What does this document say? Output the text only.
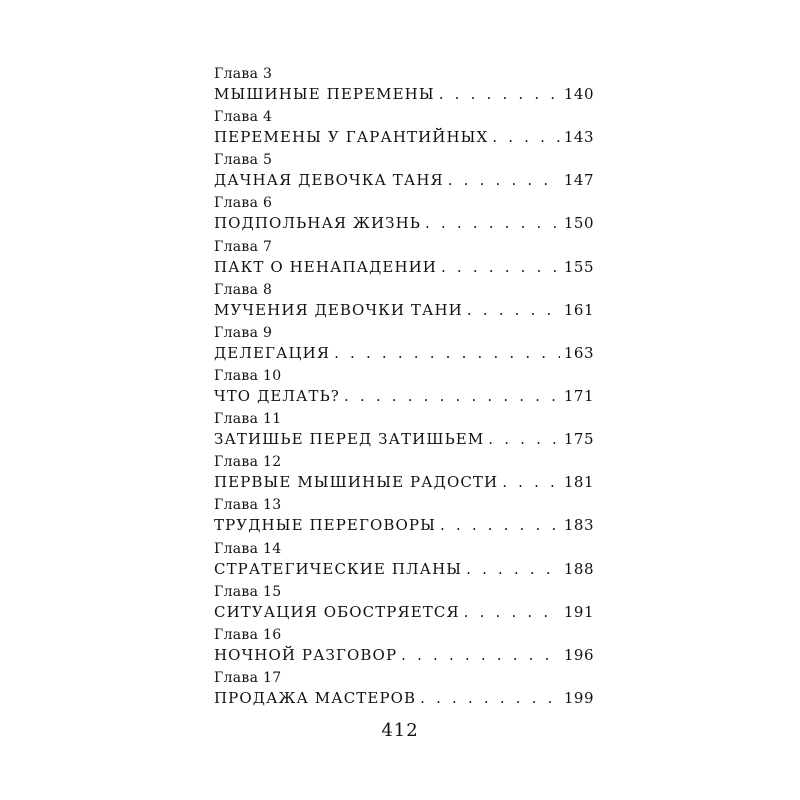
Глава 3
МЫШИНЫЕ ПЕРЕМЕНЫ . . .	140
Глава 4
ПЕРЕМЕНЫ У ГАРАНТИЙНЫХ . . .	143
Глава 5
ДАЧНАЯ ДЕВОЧКА ТАНЯ . . .	147
Глава 6
ПОДПОЛЬНАЯ ЖИЗНЬ . . .	150
Глава 7
ПАКТ О НЕНАПАДЕНИИ . . .	155
Глава 8
МУЧЕНИЯ ДЕВОЧКИ ТАНИ . . .	161
Глава 9
ДЕЛЕГАЦИЯ . . .	163
Глава 10
ЧТО ДЕЛАТЬ? . . .	171
Глава 11
ЗАТИШЬЕ ПЕРЕД ЗАТИШЬЕМ . . .	175
Глава 12
ПЕРВЫЕ МЫШИНЫЕ РАДОСТИ . . .	181
Глава 13
ТРУДНЫЕ ПЕРЕГОВОРЫ . . .	183
Глава 14
СТРАТЕГИЧЕСКИЕ ПЛАНЫ . . .	188
Глава 15
СИТУАЦИЯ ОБОСТРЯЕТСЯ . . .	191
Глава 16
НОЧНОЙ РАЗГОВОР . . .	196
Глава 17
ПРОДАЖА МАСТЕРОВ . . .	199
412
